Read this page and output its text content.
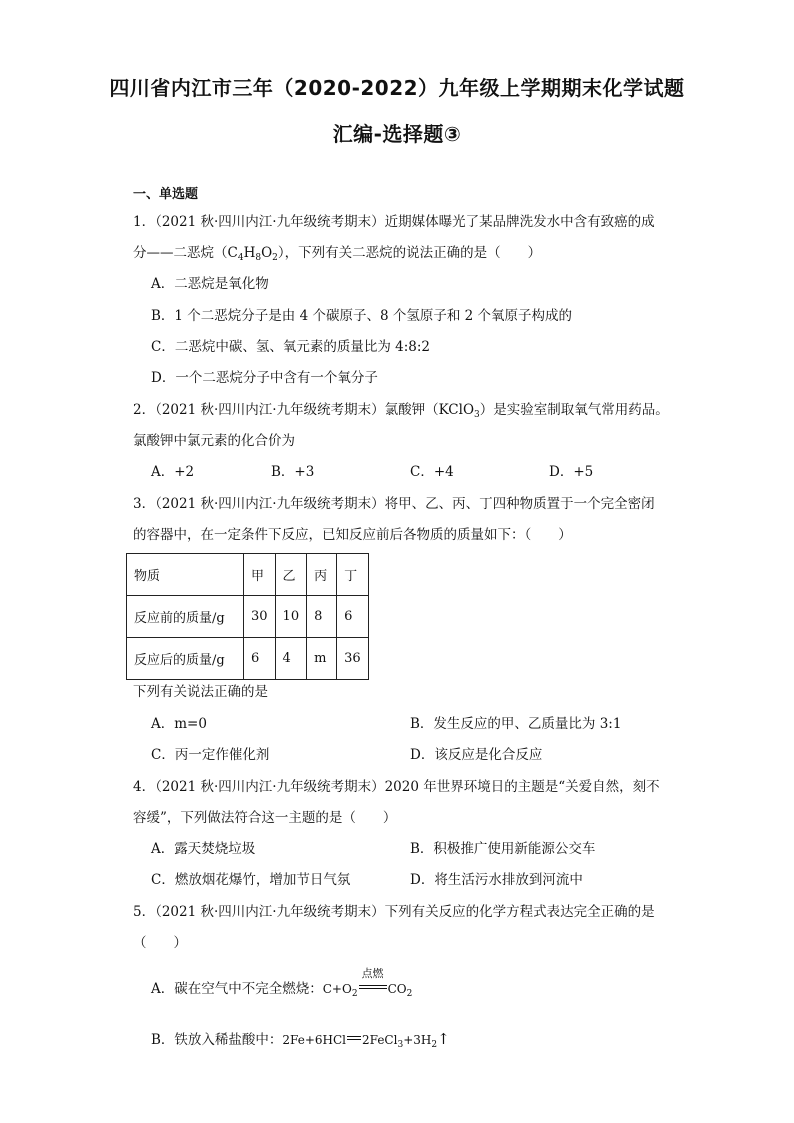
四川省内江市三年（2020-2022）九年级上学期期末化学试题
汇编-选择题③
一、单选题
1．（2021 秋·四川内江·九年级统考期末）近期媒体曝光了某品牌洗发水中含有致癌的成
分——二恶烷$(C_4H_8O_2)$，下列有关二恶烷的说法正确的是（　　）
A．二恶烷是氧化物
B．1 个二恶烷分子是由 4 个碳原子、8 个氢原子和 2 个氧原子构成的
C．二恶烷中碳、氢、氧元素的质量比为 4:8:2
D．一个二恶烷分子中含有一个氧分子
2．（2021 秋·四川内江·九年级统考期末）氯酸钾（KClO$_3$）是实验室制取氧气常用药品。
氯酸钾中氯元素的化合价为
A．+2	B．+3	C．+4	D．+5
3．（2021 秋·四川内江·九年级统考期末）将甲、乙、丙、丁四种物质置于一个完全密闭
的容器中，在一定条件下反应，已知反应前后各物质的质量如下：（　　）
物质	甲	乙	丙	丁
反应前的质量/g	30	10	8	6
反应后的质量/g	6	4	m	36
下列有关说法正确的是
A．m=0	B．发生反应的甲、乙质量比为 3:1
C．丙一定作催化剂	D．该反应是化合反应
4．（2021 秋·四川内江·九年级统考期末）2020 年世界环境日的主题是“关爱自然，刻不
容缓”，下列做法符合这一主题的是（　　）
A．露天焚烧垃圾	B．积极推广使用新能源公交车
C．燃放烟花爆竹，增加节日气氛	D．将生活污水排放到河流中
5．（2021 秋·四川内江·九年级统考期末）下列有关反应的化学方程式表达完全正确的是
（　　）
A．碳在空气中不完全燃烧：$C+O_2$
点燃
$CO_2$
B．铁放入稀盐酸中：2Fe+6HCl $2FeCl_3+3H_2↑$
